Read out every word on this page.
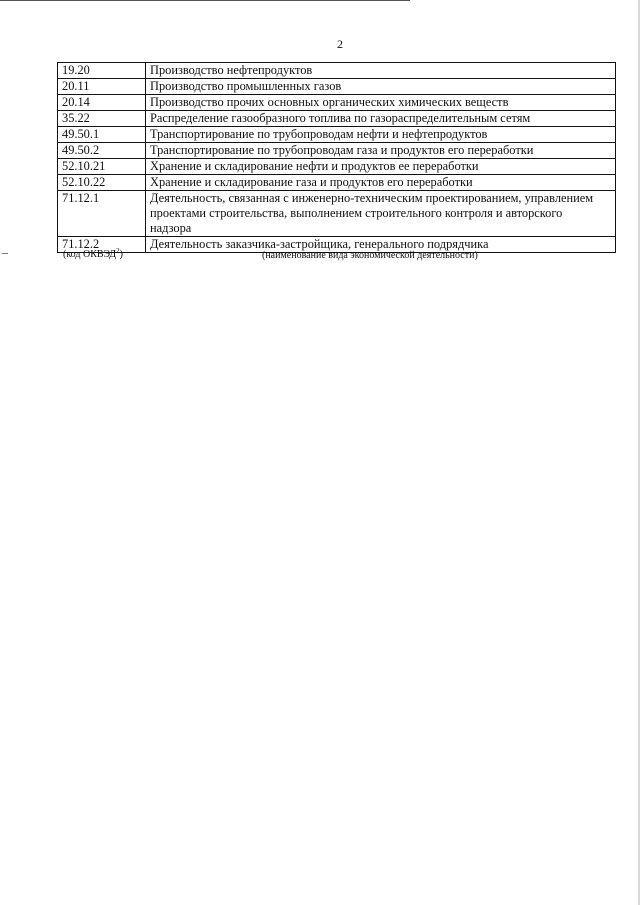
2
19.20	Производство нефтепродуктов
20.11	Производство промышленных газов
20.14	Производство прочих основных органических химических веществ
35.22	Распределение газообразного топлива по газораспределительным сетям
49.50.1	Транспортирование по трубопроводам нефти и нефтепродуктов
49.50.2	Транспортирование по трубопроводам газа и продуктов его переработки
52.10.21	Хранение и складирование нефти и продуктов ее переработки
52.10.22	Хранение и складирование газа и продуктов его переработки
71.12.1	Деятельность, связанная с инженерно-техническим проектированием, управлением
проектами строительства, выполнением строительного контроля и авторского
надзора
71.12.2	Деятельность заказчика-застройщика, генерального подрядчика
(код ОКВЭД$^2$)	(наименование вида экономической деятельности)
